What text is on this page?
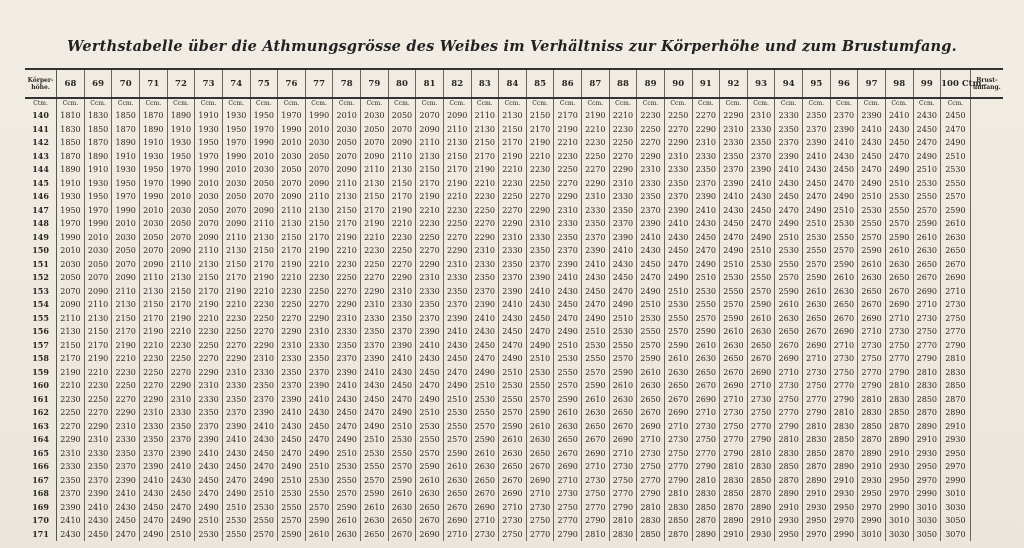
Werthstabelle über die Athmungsgrösse des Weibes im Verhältniss zur Körperhöhe und zum Brustumfang.
Körper-höhe.	68	69	70	71	72	73	74	75	76	77	78	79	80	81	82	83	84	85	86	87	88	89	90	91	92	93	94	95	96	97	98	99	100 Ctm.	Brust-umfang.
Ctm.	Ccm.	Ccm.	Ccm.	Ccm.	Ccm.	Ccm.	Ccm.	Ccm.	Ccm.	Ccm.	Ccm.	Ccm.	Ccm.	Ccm.	Ccm.	Ccm.	Ccm.	Ccm.	Ccm.	Ccm.	Ccm.	Ccm.	Ccm.	Ccm.	Ccm.	Ccm.	Ccm.	Ccm.	Ccm.	Ccm.	Ccm.	Ccm.	Ccm.	
140	1810	1830	1850	1870	1890	1910	1930	1950	1970	1990	2010	2030	2050	2070	2090	2110	2130	2150	2170	2190	2210	2230	2250	2270	2290	2310	2330	2350	2370	2390	2410	2430	2450	
141	1830	1850	1870	1890	1910	1930	1950	1970	1990	2010	2030	2050	2070	2090	2110	2130	2150	2170	2190	2210	2230	2250	2270	2290	2310	2330	2350	2370	2390	2410	2430	2450	2470	
142	1850	1870	1890	1910	1930	1950	1970	1990	2010	2030	2050	2070	2090	2110	2130	2150	2170	2190	2210	2230	2250	2270	2290	2310	2330	2350	2370	2390	2410	2430	2450	2470	2490	
143	1870	1890	1910	1930	1950	1970	1990	2010	2030	2050	2070	2090	2110	2130	2150	2170	2190	2210	2230	2250	2270	2290	2310	2330	2350	2370	2390	2410	2430	2450	2470	2490	2510	
144	1890	1910	1930	1950	1970	1990	2010	2030	2050	2070	2090	2110	2130	2150	2170	2190	2210	2230	2250	2270	2290	2310	2330	2350	2370	2390	2410	2430	2450	2470	2490	2510	2530	
145	1910	1930	1950	1970	1990	2010	2030	2050	2070	2090	2110	2130	2150	2170	2190	2210	2230	2250	2270	2290	2310	2330	2350	2370	2390	2410	2430	2450	2470	2490	2510	2530	2550	
146	1930	1950	1970	1990	2010	2030	2050	2070	2090	2110	2130	2150	2170	2190	2210	2230	2250	2270	2290	2310	2330	2350	2370	2390	2410	2430	2450	2470	2490	2510	2530	2550	2570	
147	1950	1970	1990	2010	2030	2050	2070	2090	2110	2130	2150	2170	2190	2210	2230	2250	2270	2290	2310	2330	2350	2370	2390	2410	2430	2450	2470	2490	2510	2530	2550	2570	2590	
148	1970	1990	2010	2030	2050	2070	2090	2110	2130	2150	2170	2190	2210	2230	2250	2270	2290	2310	2330	2350	2370	2390	2410	2430	2450	2470	2490	2510	2530	2550	2570	2590	2610	
149	1990	2010	2030	2050	2070	2090	2110	2130	2150	2170	2190	2210	2230	2250	2270	2290	2310	2330	2350	2370	2390	2410	2430	2450	2470	2490	2510	2530	2550	2570	2590	2610	2630	
150	2010	2030	2050	2070	2090	2110	2130	2150	2170	2190	2210	2230	2250	2270	2290	2310	2330	2350	2370	2390	2410	2430	2450	2470	2490	2510	2530	2550	2570	2590	2610	2630	2650	
151	2030	2050	2070	2090	2110	2130	2150	2170	2190	2210	2230	2250	2270	2290	2310	2330	2350	2370	2390	2410	2430	2450	2470	2490	2510	2530	2550	2570	2590	2610	2630	2650	2670	
152	2050	2070	2090	2110	2130	2150	2170	2190	2210	2230	2250	2270	2290	2310	2330	2350	2370	2390	2410	2430	2450	2470	2490	2510	2530	2550	2570	2590	2610	2630	2650	2670	2690	
153	2070	2090	2110	2130	2150	2170	2190	2210	2230	2250	2270	2290	2310	2330	2350	2370	2390	2410	2430	2450	2470	2490	2510	2530	2550	2570	2590	2610	2630	2650	2670	2690	2710	
154	2090	2110	2130	2150	2170	2190	2210	2230	2250	2270	2290	2310	2330	2350	2370	2390	2410	2430	2450	2470	2490	2510	2530	2550	2570	2590	2610	2630	2650	2670	2690	2710	2730	
155	2110	2130	2150	2170	2190	2210	2230	2250	2270	2290	2310	2330	2350	2370	2390	2410	2430	2450	2470	2490	2510	2530	2550	2570	2590	2610	2630	2650	2670	2690	2710	2730	2750	
156	2130	2150	2170	2190	2210	2230	2250	2270	2290	2310	2330	2350	2370	2390	2410	2430	2450	2470	2490	2510	2530	2550	2570	2590	2610	2630	2650	2670	2690	2710	2730	2750	2770	
157	2150	2170	2190	2210	2230	2250	2270	2290	2310	2330	2350	2370	2390	2410	2430	2450	2470	2490	2510	2530	2550	2570	2590	2610	2630	2650	2670	2690	2710	2730	2750	2770	2790	
158	2170	2190	2210	2230	2250	2270	2290	2310	2330	2350	2370	2390	2410	2430	2450	2470	2490	2510	2530	2550	2570	2590	2610	2630	2650	2670	2690	2710	2730	2750	2770	2790	2810	
159	2190	2210	2230	2250	2270	2290	2310	2330	2350	2370	2390	2410	2430	2450	2470	2490	2510	2530	2550	2570	2590	2610	2630	2650	2670	2690	2710	2730	2750	2770	2790	2810	2830	
160	2210	2230	2250	2270	2290	2310	2330	2350	2370	2390	2410	2430	2450	2470	2490	2510	2530	2550	2570	2590	2610	2630	2650	2670	2690	2710	2730	2750	2770	2790	2810	2830	2850	
161	2230	2250	2270	2290	2310	2330	2350	2370	2390	2410	2430	2450	2470	2490	2510	2530	2550	2570	2590	2610	2630	2650	2670	2690	2710	2730	2750	2770	2790	2810	2830	2850	2870	
162	2250	2270	2290	2310	2330	2350	2370	2390	2410	2430	2450	2470	2490	2510	2530	2550	2570	2590	2610	2630	2650	2670	2690	2710	2730	2750	2770	2790	2810	2830	2850	2870	2890	
163	2270	2290	2310	2330	2350	2370	2390	2410	2430	2450	2470	2490	2510	2530	2550	2570	2590	2610	2630	2650	2670	2690	2710	2730	2750	2770	2790	2810	2830	2850	2870	2890	2910	
164	2290	2310	2330	2350	2370	2390	2410	2430	2450	2470	2490	2510	2530	2550	2570	2590	2610	2630	2650	2670	2690	2710	2730	2750	2770	2790	2810	2830	2850	2870	2890	2910	2930	
165	2310	2330	2350	2370	2390	2410	2430	2450	2470	2490	2510	2530	2550	2570	2590	2610	2630	2650	2670	2690	2710	2730	2750	2770	2790	2810	2830	2850	2870	2890	2910	2930	2950	
166	2330	2350	2370	2390	2410	2430	2450	2470	2490	2510	2530	2550	2570	2590	2610	2630	2650	2670	2690	2710	2730	2750	2770	2790	2810	2830	2850	2870	2890	2910	2930	2950	2970	
167	2350	2370	2390	2410	2430	2450	2470	2490	2510	2530	2550	2570	2590	2610	2630	2650	2670	2690	2710	2730	2750	2770	2790	2810	2830	2850	2870	2890	2910	2930	2950	2970	2990	
168	2370	2390	2410	2430	2450	2470	2490	2510	2530	2550	2570	2590	2610	2630	2650	2670	2690	2710	2730	2750	2770	2790	2810	2830	2850	2870	2890	2910	2930	2950	2970	2990	3010	
169	2390	2410	2430	2450	2470	2490	2510	2530	2550	2570	2590	2610	2630	2650	2670	2690	2710	2730	2750	2770	2790	2810	2830	2850	2870	2890	2910	2930	2950	2970	2990	3010	3030	
170	2410	2430	2450	2470	2490	2510	2530	2550	2570	2590	2610	2630	2650	2670	2690	2710	2730	2750	2770	2790	2810	2830	2850	2870	2890	2910	2930	2950	2970	2990	3010	3030	3050	
171	2430	2450	2470	2490	2510	2530	2550	2570	2590	2610	2630	2650	2670	2690	2710	2730	2750	2770	2790	2810	2830	2850	2870	2890	2910	2930	2950	2970	2990	3010	3030	3050	3070	
